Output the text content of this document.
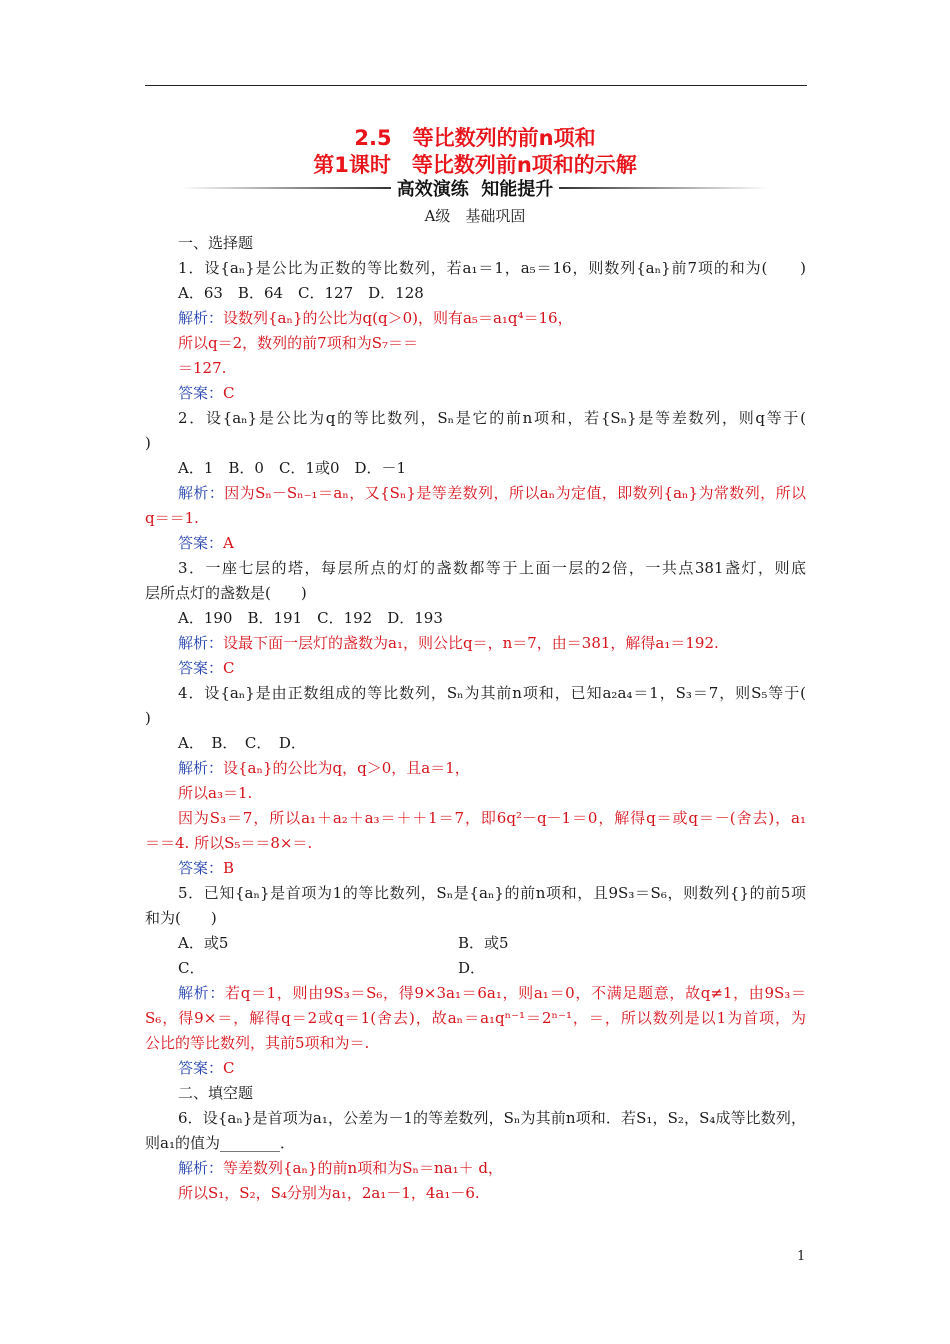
2.5　等比数列的前n项和
第1课时　等比数列前n项和的示解
高效演练  知能提升
A级　基础巩固
一、选择题
1．设{aₙ}是公比为正数的等比数列，若a₁＝1，a₅＝16，则数列{aₙ}前7项的和为(　　)
A．63　B．64　C．127　D．128
解析：设数列{aₙ}的公比为q(q＞0)，则有a₅＝a₁q⁴＝16，
所以q＝2，数列的前7项和为S₇＝＝
＝127.
答案：C
2．设{aₙ}是公比为q的等比数列，Sₙ是它的前n项和，若{Sₙ}是等差数列，则q等于(
)
A．1　B．0　C．1或0　D．－1
解析：因为Sₙ－Sₙ₋₁＝aₙ，又{Sₙ}是等差数列，所以aₙ为定值，即数列{aₙ}为常数列，所以
q＝＝1.
答案：A
3．一座七层的塔，每层所点的灯的盏数都等于上面一层的2倍，一共点381盏灯，则底
层所点灯的盏数是(　　)
A．190　B．191　C．192　D．193
解析：设最下面一层灯的盏数为a₁，则公比q＝，n＝7，由＝381，解得a₁＝192.
答案：C
4．设{aₙ}是由正数组成的等比数列，Sₙ为其前n项和，已知a₂a₄＝1，S₃＝7，则S₅等于(
)
A．　B．　C．　D．
解析：设{aₙ}的公比为q，q＞0，且a＝1，
所以a₃＝1.
因为S₃＝7，所以a₁＋a₂＋a₃＝＋＋1＝7，即6q²－q－1＝0，解得q＝或q＝－(舍去)，a₁
＝＝4. 所以S₅＝＝8×＝.
答案：B
5．已知{aₙ}是首项为1的等比数列，Sₙ是{aₙ}的前n项和，且9S₃＝S₆，则数列{}的前5项
和为(　　)
A．或5	B．或5
C．	D．
解析：若q＝1，则由9S₃＝S₆，得9×3a₁＝6a₁，则a₁＝0，不满足题意，故q≠1，由9S₃＝
S₆，得9×＝，解得q＝2或q＝1(舍去)，故aₙ＝a₁qⁿ⁻¹＝2ⁿ⁻¹，＝，所以数列是以1为首项，为
公比的等比数列，其前5项和为＝.
答案：C
二、填空题
6．设{aₙ}是首项为a₁，公差为－1的等差数列，Sₙ为其前n项和．若S₁，S₂，S₄成等比数列，
则a₁的值为________．
解析：等差数列{aₙ}的前n项和为Sₙ＝na₁＋ d，
所以S₁，S₂，S₄分别为a₁，2a₁－1，4a₁－6.
1
